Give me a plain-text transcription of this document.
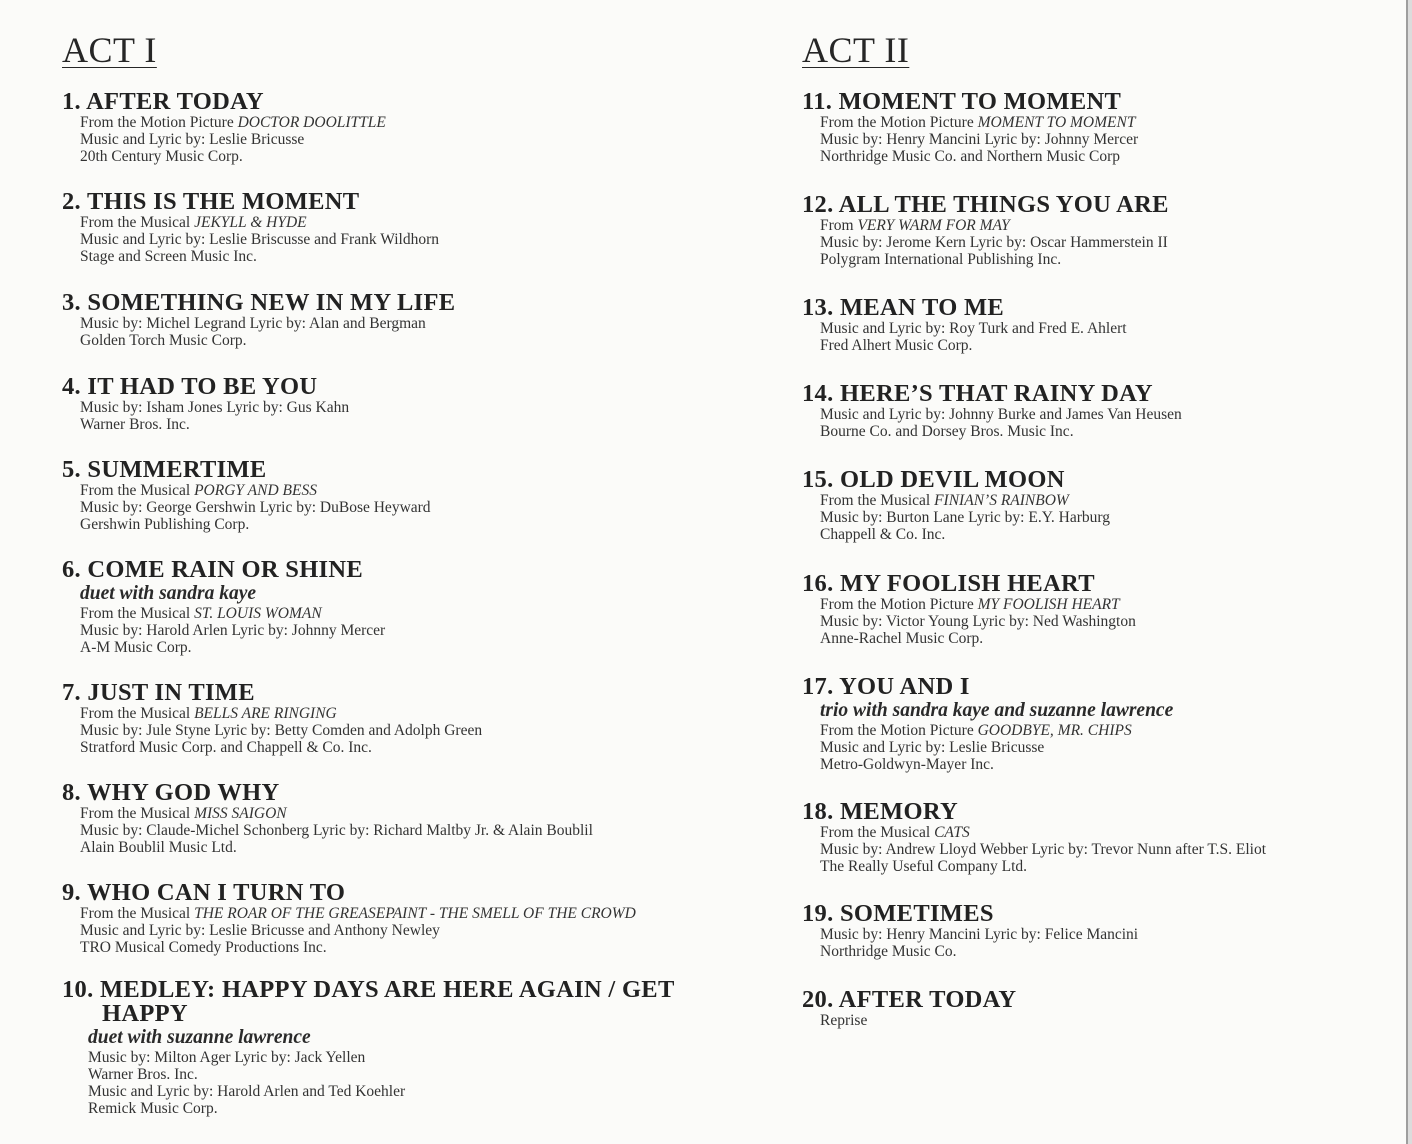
ACT I
1. AFTER TODAY
From the Motion Picture DOCTOR DOOLITTLE
Music and Lyric by: Leslie Bricusse
20th Century Music Corp.
2. THIS IS THE MOMENT
From the Musical JEKYLL & HYDE
Music and Lyric by: Leslie Briscusse and Frank Wildhorn
Stage and Screen Music Inc.
3. SOMETHING NEW IN MY LIFE
Music by: Michel Legrand Lyric by: Alan and Bergman
Golden Torch Music Corp.
4. IT HAD TO BE YOU
Music by: Isham Jones Lyric by: Gus Kahn
Warner Bros. Inc.
5. SUMMERTIME
From the Musical PORGY AND BESS
Music by: George Gershwin Lyric by: DuBose Heyward
Gershwin Publishing Corp.
6. COME RAIN OR SHINE
duet with sandra kaye
From the Musical ST. LOUIS WOMAN
Music by: Harold Arlen Lyric by: Johnny Mercer
A-M Music Corp.
7. JUST IN TIME
From the Musical BELLS ARE RINGING
Music by: Jule Styne Lyric by: Betty Comden and Adolph Green
Stratford Music Corp. and Chappell & Co. Inc.
8. WHY GOD WHY
From the Musical MISS SAIGON
Music by: Claude-Michel Schonberg Lyric by: Richard Maltby Jr. & Alain Boublil
Alain Boublil Music Ltd.
9. WHO CAN I TURN TO
From the Musical THE ROAR OF THE GREASEPAINT - THE SMELL OF THE CROWD
Music and Lyric by: Leslie Bricusse and Anthony Newley
TRO Musical Comedy Productions Inc.
10. MEDLEY: HAPPY DAYS ARE HERE AGAIN / GET
HAPPY
duet with suzanne lawrence
Music by: Milton Ager Lyric by: Jack Yellen
Warner Bros. Inc.
Music and Lyric by: Harold Arlen and Ted Koehler
Remick Music Corp.
ACT II
11. MOMENT TO MOMENT
From the Motion Picture MOMENT TO MOMENT
Music by: Henry Mancini Lyric by: Johnny Mercer
Northridge Music Co. and Northern Music Corp
12. ALL THE THINGS YOU ARE
From VERY WARM FOR MAY
Music by: Jerome Kern Lyric by: Oscar Hammerstein II
Polygram International Publishing Inc.
13. MEAN TO ME
Music and Lyric by: Roy Turk and Fred E. Ahlert
Fred Alhert Music Corp.
14. HERE’S THAT RAINY DAY
Music and Lyric by: Johnny Burke and James Van Heusen
Bourne Co. and Dorsey Bros. Music Inc.
15. OLD DEVIL MOON
From the Musical FINIAN’S RAINBOW
Music by: Burton Lane Lyric by: E.Y. Harburg
Chappell & Co. Inc.
16. MY FOOLISH HEART
From the Motion Picture MY FOOLISH HEART
Music by: Victor Young Lyric by: Ned Washington
Anne-Rachel Music Corp.
17. YOU AND I
trio with sandra kaye and suzanne lawrence
From the Motion Picture GOODBYE, MR. CHIPS
Music and Lyric by: Leslie Bricusse
Metro-Goldwyn-Mayer Inc.
18. MEMORY
From the Musical CATS
Music by: Andrew Lloyd Webber Lyric by: Trevor Nunn after T.S. Eliot
The Really Useful Company Ltd.
19. SOMETIMES
Music by: Henry Mancini Lyric by: Felice Mancini
Northridge Music Co.
20. AFTER TODAY
Reprise
